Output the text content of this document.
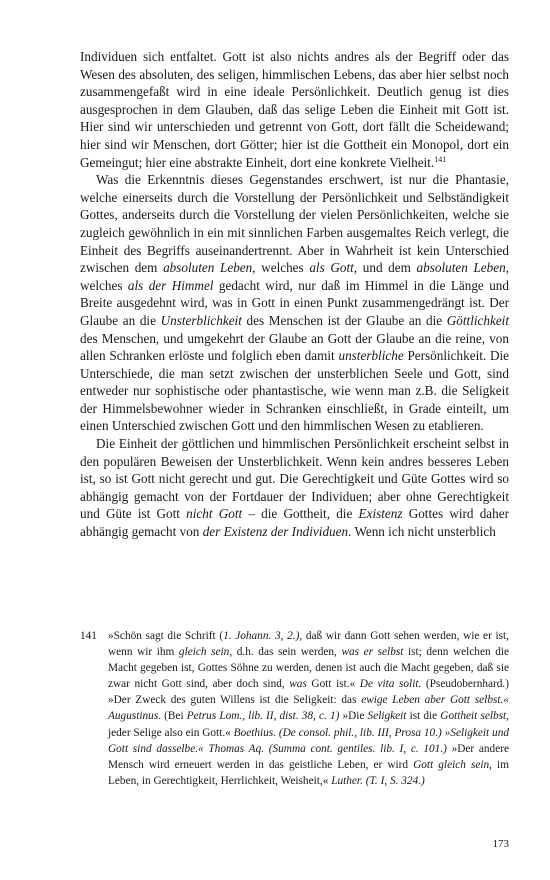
Individuen sich entfaltet. Gott ist also nichts andres als der Begriff oder das Wesen des absoluten, des seligen, himmlischen Lebens, das aber hier selbst noch zusammengefaßt wird in eine ideale Persönlichkeit. Deutlich genug ist dies ausgesprochen in dem Glauben, daß das selige Leben die Einheit mit Gott ist. Hier sind wir unterschieden und getrennt von Gott, dort fällt die Scheidewand; hier sind wir Menschen, dort Götter; hier ist die Gottheit ein Monopol, dort ein Gemeingut; hier eine abstrakte Einheit, dort eine konkrete Vielheit.$^{141}$

Was die Erkenntnis dieses Gegenstandes erschwert, ist nur die Phantasie, welche einerseits durch die Vorstellung der Persönlichkeit und Selbständigkeit Gottes, anderseits durch die Vorstellung der vielen Persönlichkeiten, welche sie zugleich gewöhnlich in ein mit sinnlichen Farben ausgemaltes Reich verlegt, die Einheit des Begriffs auseinandertrennt. Aber in Wahrheit ist kein Unterschied zwischen dem absoluten Leben, welches als Gott, und dem absoluten Leben, welches als der Himmel gedacht wird, nur daß im Himmel in die Länge und Breite ausgedehnt wird, was in Gott in einen Punkt zusammengedrängt ist. Der Glaube an die Unsterblichkeit des Menschen ist der Glaube an die Göttlichkeit des Menschen, und umgekehrt der Glaube an Gott der Glaube an die reine, von allen Schranken erlöste und folglich eben damit unsterbliche Persönlichkeit. Die Unterschiede, die man setzt zwischen der unsterblichen Seele und Gott, sind entweder nur sophistische oder phantastische, wie wenn man z.B. die Seligkeit der Himmelsbewohner wieder in Schranken einschließt, in Grade einteilt, um einen Unterschied zwischen Gott und den himmlischen Wesen zu etablieren.

Die Einheit der göttlichen und himmlischen Persönlichkeit erscheint selbst in den populären Beweisen der Unsterblichkeit. Wenn kein andres besseres Leben ist, so ist Gott nicht gerecht und gut. Die Gerechtigkeit und Güte Gottes wird so abhängig gemacht von der Fortdauer der Individuen; aber ohne Gerechtigkeit und Güte ist Gott nicht Gott – die Gottheit, die Existenz Gottes wird daher abhängig gemacht von der Existenz der Individuen. Wenn ich nicht unsterblich

141 »Schön sagt die Schrift (1. Johann. 3, 2.), daß wir dann Gott sehen werden, wie er ist, wenn wir ihm gleich sein, d.h. das sein werden, was er selbst ist; denn welchen die Macht gegeben ist, Gottes Söhne zu werden, denen ist auch die Macht gegeben, daß sie zwar nicht Gott sind, aber doch sind, was Gott ist.« De vita solit. (Pseudobernhard.) »Der Zweck des guten Willens ist die Seligkeit: das ewige Leben aber Gott selbst.« Augustinus. (Bei Petrus Lom., lib. II, dist. 38, c. 1) »Die Seligkeit ist die Gottheit selbst, jeder Selige also ein Gott.« Boethius. (De consol. phil., lib. III, Prosa 10.) »Seligkeit und Gott sind dasselbe.« Thomas Aq. (Summa cont. gentiles. lib. I, c. 101.) »Der andere Mensch wird erneuert werden in das geistliche Leben, er wird Gott gleich sein, im Leben, in Gerechtigkeit, Herrlichkeit, Weisheit,« Luther. (T. I, S. 324.)

173
